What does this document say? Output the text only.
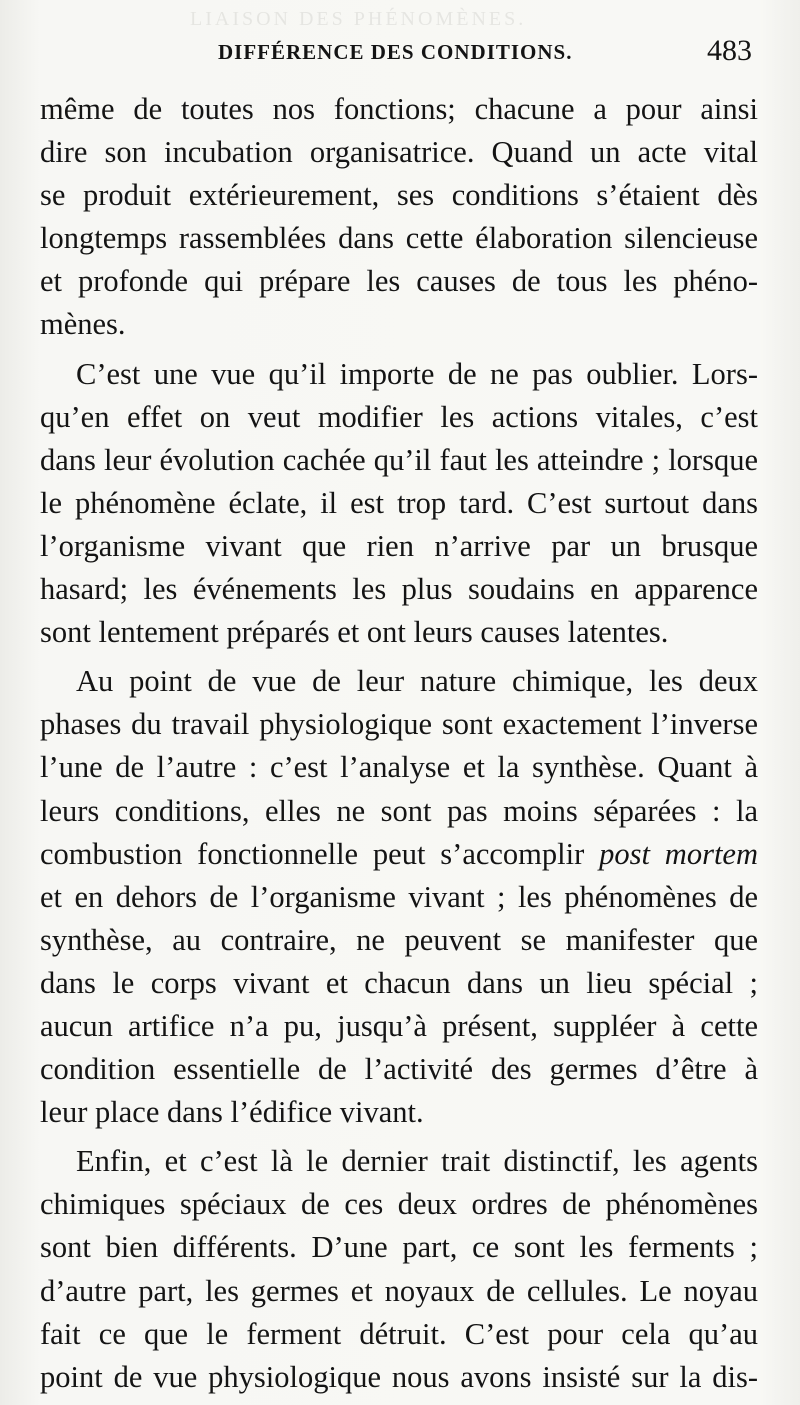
LIAISON DES PHÉNOMÈNES.
DIFFÉRENCE DES CONDITIONS.	483

même de toutes nos fonctions; chacune a pour ainsi
dire son incubation organisatrice. Quand un acte vital
se produit extérieurement, ses conditions s’étaient dès
longtemps rassemblées dans cette élaboration silencieuse
et profonde qui prépare les causes de tous les phéno-
mènes.

C’est une vue qu’il importe de ne pas oublier. Lors-
qu’en effet on veut modifier les actions vitales, c’est
dans leur évolution cachée qu’il faut les atteindre ; lorsque
le phénomène éclate, il est trop tard. C’est surtout dans
l’organisme vivant que rien n’arrive par un brusque
hasard; les événements les plus soudains en apparence
sont lentement préparés et ont leurs causes latentes.

Au point de vue de leur nature chimique, les deux
phases du travail physiologique sont exactement l’inverse
l’une de l’autre : c’est l’analyse et la synthèse. Quant à
leurs conditions, elles ne sont pas moins séparées : la
combustion fonctionnelle peut s’accomplir post mortem
et en dehors de l’organisme vivant ; les phénomènes de
synthèse, au contraire, ne peuvent se manifester que
dans le corps vivant et chacun dans un lieu spécial ;
aucun artifice n’a pu, jusqu’à présent, suppléer à cette
condition essentielle de l’activité des germes d’être à
leur place dans l’édifice vivant.

Enfin, et c’est là le dernier trait distinctif, les agents
chimiques spéciaux de ces deux ordres de phénomènes
sont bien différents. D’une part, ce sont les ferments ;
d’autre part, les germes et noyaux de cellules. Le noyau
fait ce que le ferment détruit. C’est pour cela qu’au
point de vue physiologique nous avons insisté sur la dis-
